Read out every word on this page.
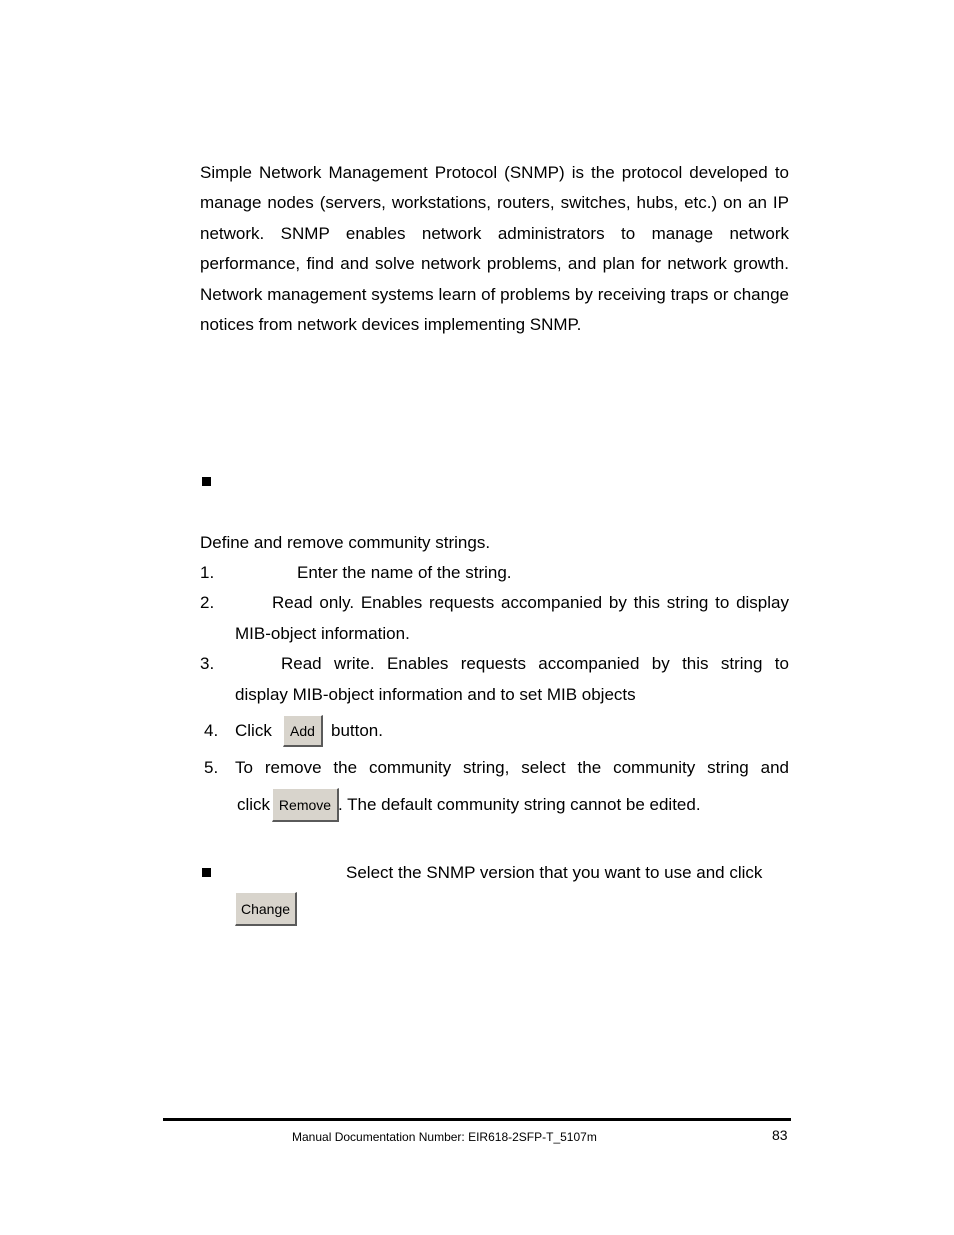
Simple Network Management Protocol (SNMP) is the protocol developed to manage nodes (servers, workstations, routers, switches, hubs, etc.) on an IP network. SNMP enables network administrators to manage network performance, find and solve network problems, and plan for network growth. Network management systems learn of problems by receiving traps or change notices from network devices implementing SNMP.

Define and remove community strings.
1.	Enter the name of the string.
2.	Read only. Enables requests accompanied by this string to display
MIB-object information.
3.	Read write. Enables requests accompanied by this string to
display MIB-object information and to set MIB objects
4. Click	Add button.
5. To remove the community string, select the community string and
click Remove . The default community string cannot be edited.
Select the SNMP version that you want to use and click
Change
Manual Documentation Number: EIR618-2SFP-T_5107m	83
